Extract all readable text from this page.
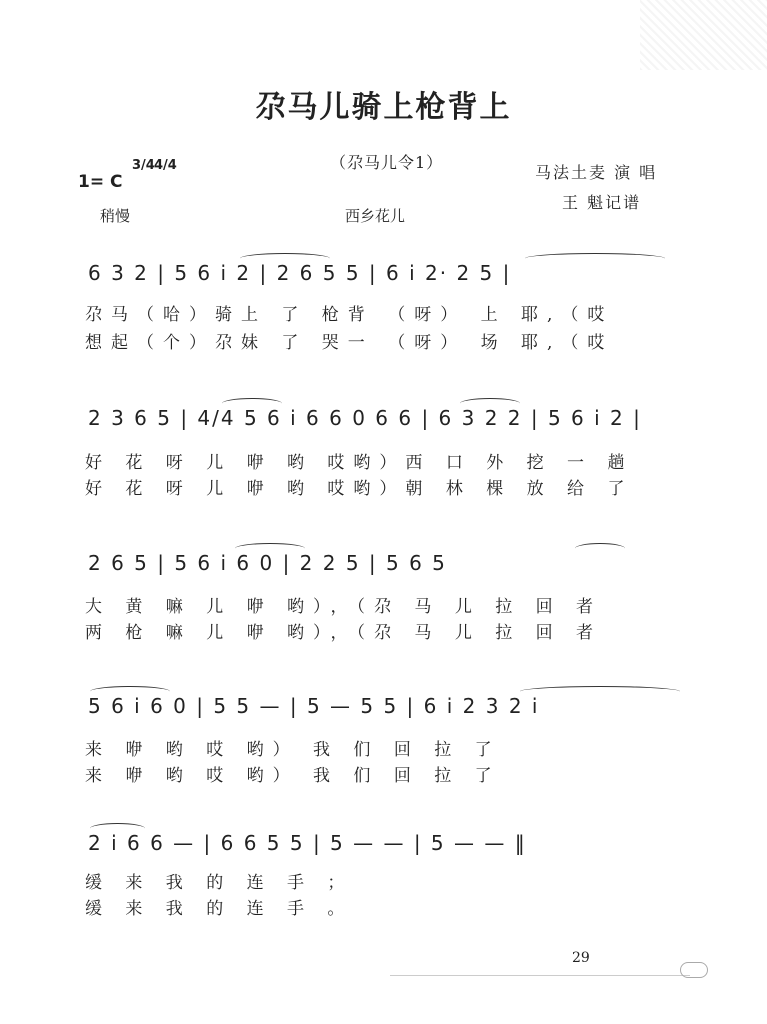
尕马儿骑上枪背上
（尕马儿令1）
马法土麦 演 唱
王 魁记谱
1= C
3/4 4/4
稍慢	西乡花儿
6 3 2 | 5 6 i 2 | 2 6 5 5 | 6 i 2· 2 5 |
尕马（哈）骑上 了 枪背 （呀） 上 耶,（哎
想起（个）尕妹 了 哭一 （呀） 场 耶,（哎
2 3 6 5 | 4/4 5 6 i 6 6 0 6 6 | 6 3 2 2 | 5 6 i 2 |
好 花 呀 儿 咿 哟 哎哟）西 口 外 挖 一 趟
好 花 呀 儿 咿 哟 哎哟）朝 林 棵 放 给 了
2 6 5 | 5 6 i 6 0 | 2 2 5 | 5 6 5
大 黄 嘛 儿 咿 哟），（尕 马 儿 拉 回 者
两 枪 嘛 儿 咿 哟），（尕 马 儿 拉 回 者
5 6 i 6 0 | 5 5 — | 5 — 5 5 | 6 i 2 3 2 i
来 咿 哟 哎 哟） 我 们 回 拉 了
来 咿 哟 哎 哟） 我 们 回 拉 了
2 i 6 6 — | 6 6 5 5 | 5 — — | 5 — — ‖
缓 来 我 的 连 手 ；
缓 来 我 的 连 手 。
29
